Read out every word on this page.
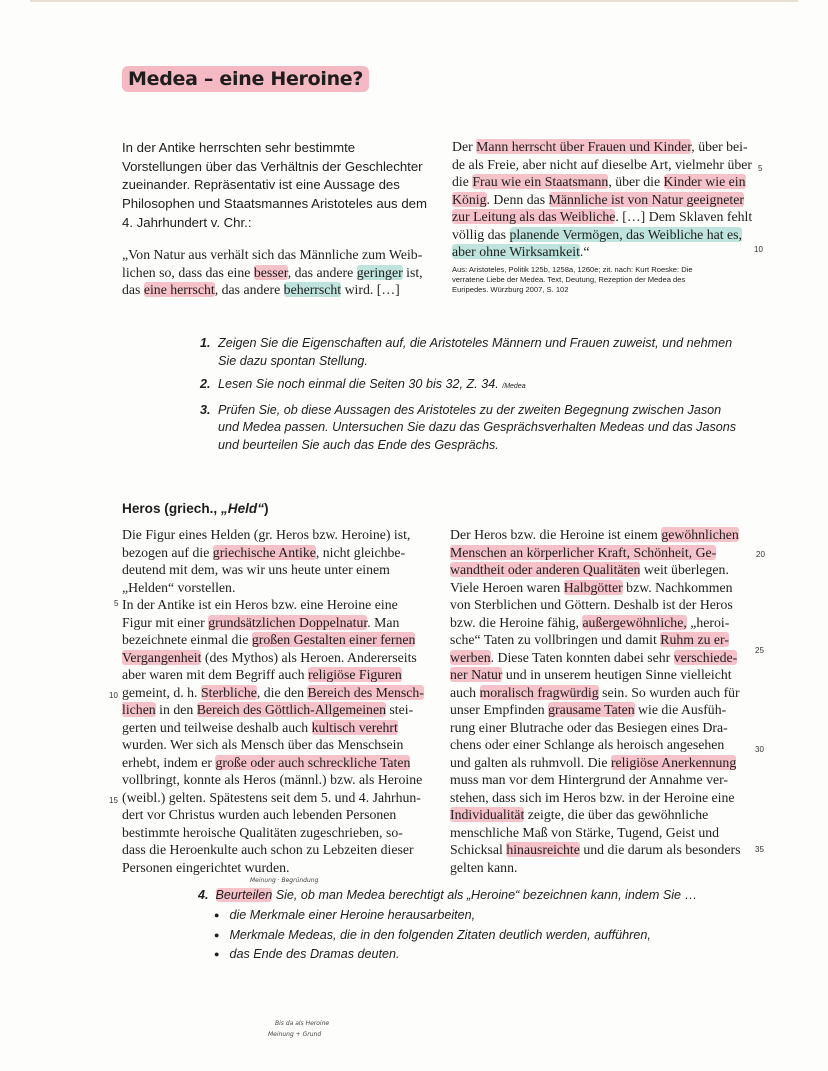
Medea – eine Heroine?
In der Antike herrschten sehr bestimmte Vorstellungen über das Verhältnis der Geschlechter zueinander. Repräsentativ ist eine Aussage des Philosophen und Staatsmannes Aristoteles aus dem 4. Jahrhundert v. Chr.:
„Von Natur aus verhält sich das Männliche zum Weib-
lichen so, dass das eine besser, das andere geringer ist,
das eine herrscht, das andere beherrscht wird. […]
Der Mann herrscht über Frauen und Kinder, über bei-
de als Freie, aber nicht auf dieselbe Art, vielmehr über
die Frau wie ein Staatsmann, über die Kinder wie ein
König. Denn das Männliche ist von Natur geeigneter
zur Leitung als das Weibliche. […] Dem Sklaven fehlt
völlig das planende Vermögen, das Weibliche hat es,
aber ohne Wirksamkeit.“
Aus: Aristoteles, Politik 125b, 1258a, 1260e; zit. nach: Kurt Roeske: Die verratene Liebe der Medea. Text, Deutung, Rezeption der Medea des Euripedes. Würzburg 2007, S. 102
5
10
1. Zeigen Sie die Eigenschaften auf, die Aristoteles Männern und Frauen zuweist, und nehmen Sie dazu spontan Stellung.
2. Lesen Sie noch einmal die Seiten 30 bis 32, Z. 34. /Medea
3. Prüfen Sie, ob diese Aussagen des Aristoteles zu der zweiten Begegnung zwischen Jason und Medea passen. Untersuchen Sie dazu das Gesprächsverhalten Medeas und das Jasons und beurteilen Sie auch das Ende des Gesprächs.
Heros (griech., „Held“)
Die Figur eines Helden (gr. Heros bzw. Heroine) ist,
bezogen auf die griechische Antike, nicht gleichbe-
deutend mit dem, was wir uns heute unter einem
„Helden“ vorstellen.
In der Antike ist ein Heros bzw. eine Heroine eine
Figur mit einer grundsätzlichen Doppelnatur. Man
bezeichnete einmal die großen Gestalten einer fernen
Vergangenheit (des Mythos) als Heroen. Andererseits
aber waren mit dem Begriff auch religiöse Figuren
gemeint, d. h. Sterbliche, die den Bereich des Mensch-
lichen in den Bereich des Göttlich-Allgemeinen stei-
gerten und teilweise deshalb auch kultisch verehrt
wurden. Wer sich als Mensch über das Menschsein
erhebt, indem er große oder auch schreckliche Taten
vollbringt, konnte als Heros (männl.) bzw. als Heroine
(weibl.) gelten. Spätestens seit dem 5. und 4. Jahrhun-
dert vor Christus wurden auch lebenden Personen
bestimmte heroische Qualitäten zugeschrieben, so-
dass die Heroenkulte auch schon zu Lebzeiten dieser
Personen eingerichtet wurden.
5
10
15
Der Heros bzw. die Heroine ist einem gewöhnlichen
Menschen an körperlicher Kraft, Schönheit, Ge-
wandtheit oder anderen Qualitäten weit überlegen.
Viele Heroen waren Halbgötter bzw. Nachkommen
von Sterblichen und Göttern. Deshalb ist der Heros
bzw. die Heroine fähig, außergewöhnliche, „heroi-
sche“ Taten zu vollbringen und damit Ruhm zu er-
werben. Diese Taten konnten dabei sehr verschiede-
ner Natur und in unserem heutigen Sinne vielleicht
auch moralisch fragwürdig sein. So wurden auch für
unser Empfinden grausame Taten wie die Ausfüh-
rung einer Blutrache oder das Besiegen eines Dra-
chens oder einer Schlange als heroisch angesehen
und galten als ruhmvoll. Die religiöse Anerkennung
muss man vor dem Hintergrund der Annahme ver-
stehen, dass sich im Heros bzw. in der Heroine eine
Individualität zeigte, die über das gewöhnliche
menschliche Maß von Stärke, Tugend, Geist und
Schicksal hinausreichte und die darum als besonders
gelten kann.
20
25
30
35
Meinung · Begründung
4. Beurteilen Sie, ob man Medea berechtigt als „Heroine“ bezeichnen kann, indem Sie …
● die Merkmale einer Heroine herausarbeiten,
● Merkmale Medeas, die in den folgenden Zitaten deutlich werden, aufführen,
● das Ende des Dramas deuten.
Bis da als Heroine
Meinung + Grund
